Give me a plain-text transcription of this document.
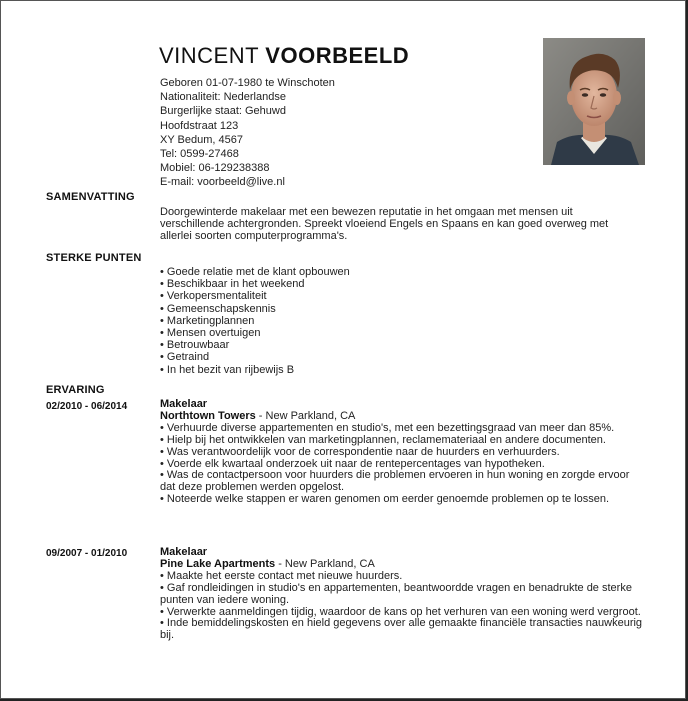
VINCENT VOORBEELD
Geboren 01-07-1980 te Winschoten
Nationaliteit: Nederlandse
Burgerlijke staat: Gehuwd
Hoofdstraat 123
XY Bedum, 4567
Tel: 0599-27468
Mobiel: 06-129238388
E-mail: voorbeeld@live.nl
SAMENVATTING
Doorgewinterde makelaar met een bewezen reputatie in het omgaan met mensen uit verschillende achtergronden. Spreekt vloeiend Engels en Spaans en kan goed overweg met allerlei soorten computerprogramma's.
STERKE PUNTEN
• Goede relatie met de klant opbouwen
• Beschikbaar in het weekend
• Verkopersmentaliteit
• Gemeenschapskennis
• Marketingplannen
• Mensen overtuigen
• Betrouwbaar
• Getraind
• In het bezit van rijbewijs B
ERVARING
02/2010 - 06/2014	Makelaar
Northtown Towers - New Parkland, CA
• Verhuurde diverse appartementen en studio's, met een bezettingsgraad van meer dan 85%.
• Hielp bij het ontwikkelen van marketingplannen, reclamemateriaal en andere documenten.
• Was verantwoordelijk voor de correspondentie naar de huurders en verhuurders.
• Voerde elk kwartaal onderzoek uit naar de rentepercentages van hypotheken.
• Was de contactpersoon voor huurders die problemen ervoeren in hun woning en zorgde ervoor dat deze problemen werden opgelost.
• Noteerde welke stappen er waren genomen om eerder genoemde problemen op te lossen.
09/2007 - 01/2010	Makelaar
Pine Lake Apartments - New Parkland, CA
• Maakte het eerste contact met nieuwe huurders.
• Gaf rondleidingen in studio's en appartementen, beantwoordde vragen en benadrukte de sterke punten van iedere woning.
• Verwerkte aanmeldingen tijdig, waardoor de kans op het verhuren van een woning werd vergroot.
• Inde bemiddelingskosten en hield gegevens over alle gemaakte financiële transacties nauwkeurig bij.
